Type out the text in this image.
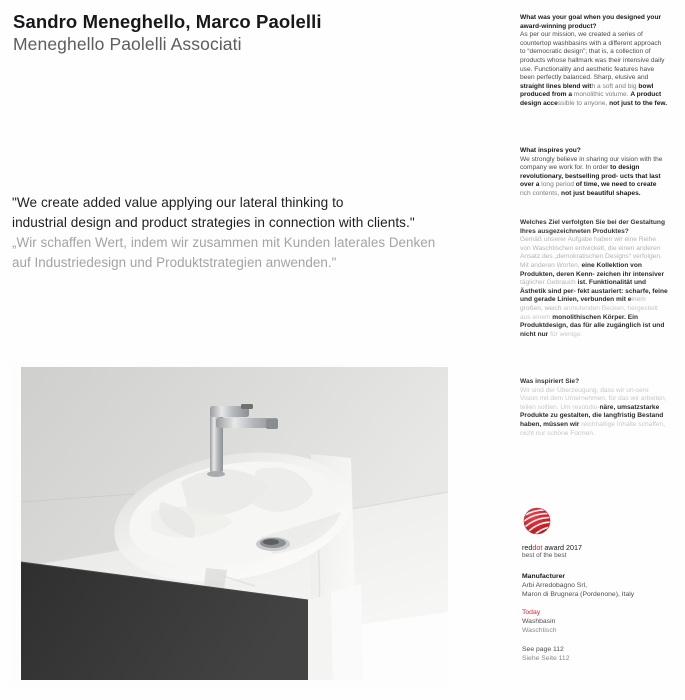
Sandro Meneghello, Marco Paolelli
Meneghello Paolelli Associati
"We create added value applying our lateral thinking to
industrial design and product strategies in connection with clients."
„Wir schaffen Wert, indem wir zusammen mit Kunden laterales Denken
auf Industriedesign und Produktstrategien anwenden."
What was your goal when you designed your award-winning product?
As per our mission, we created a series of countertop washbasins with a different approach to “democratic design”; that is, a collection of products whose hallmark was their intensive daily use. Functionality and aesthetic features have been perfectly balanced. Sharp, elusive and straight lines blend with a soft and big bowl produced from a monolithic volume. A product design accessible to anyone, not just to the few.
What inspires you?
We strongly believe in sharing our vision with the company we work for. In order to design revolutionary, bestselling prod- ucts that last over a long period of time, we need to create rich contents, not just beautiful shapes.
Welches Ziel verfolgten Sie bei der Gestaltung Ihres ausgezeichneten Produktes?
Gemäß unserer Aufgabe haben wir eine Reihe von Waschtischen entwickelt, die einen anderen Ansatz des „demokratischen Designs“ verfolgen. Mit anderen Worten, eine Kollektion von Produkten, deren Kenn- zeichen ihr intensiver täglicher Gebrauch ist. Funktionalität und Ästhetik sind per- fekt austariert: scharfe, feine und gerade Linien, verbunden mit einem großen, weich anmutenden Becken, hergestellt aus einem monolithischen Körper. Ein Produktdesign, das für alle zugänglich ist und nicht nur für wenige.
Was inspiriert Sie?
Wir sind der Überzeugung, dass wir un-sere Vision mit dem Unternehmen, für das wir arbeiten, teilen sollten. Um revolutio-näre, umsatzstarke Produkte zu gestalten, die langfristig Bestand haben, müssen wir reichhaltige Inhalte schaffen, nicht nur schöne Formen.
reddot award 2017
best of the best
Manufacturer
Arbi Arredobagno Srl,
Maron di Brugnera (Pordenone), Italy
Today
Washbasin
Waschtisch
See page 112
Siehe Seite 112
